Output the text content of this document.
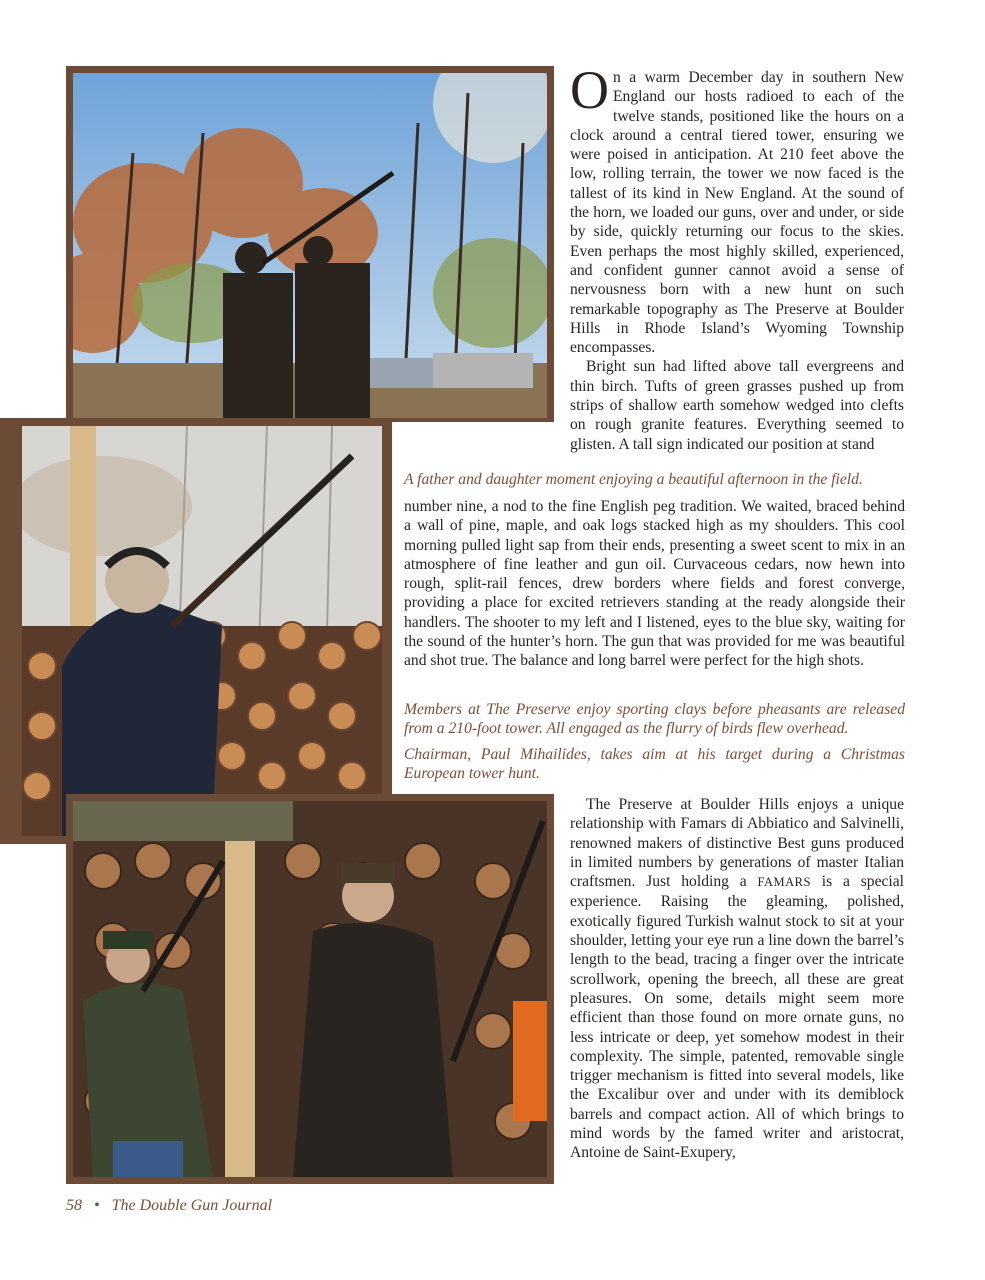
On a warm December day in southern New England our hosts radioed to each of the twelve stands, positioned like the hours on a clock around a central tiered tower, ensuring we were poised in anticipation. At 210 feet above the low, rolling terrain, the tower we now faced is the tallest of its kind in New England. At the sound of the horn, we loaded our guns, over and under, or side by side, quickly returning our focus to the skies. Even perhaps the most highly skilled, experienced, and confident gunner cannot avoid a sense of nervousness born with a new hunt on such remarkable topography as The Preserve at Boulder Hills in Rhode Island’s Wyoming Township encompasses.

Bright sun had lifted above tall evergreens and thin birch. Tufts of green grasses pushed up from strips of shallow earth somehow wedged into clefts on rough granite features. Everything seemed to glisten. A tall sign indicated our position at stand

A father and daughter moment enjoying a beautiful afternoon in the field.

number nine, a nod to the fine English peg tradition. We waited, braced behind a wall of pine, maple, and oak logs stacked high as my shoulders. This cool morning pulled light sap from their ends, presenting a sweet scent to mix in an atmosphere of fine leather and gun oil. Curvaceous cedars, now hewn into rough, split-rail fences, drew borders where fields and forest converge, providing a place for excited retrievers standing at the ready alongside their handlers. The shooter to my left and I listened, eyes to the blue sky, waiting for the sound of the hunter’s horn. The gun that was provided for me was beautiful and shot true. The balance and long barrel were perfect for the high shots.

Members at The Preserve enjoy sporting clays before pheasants are released from a 210-foot tower. All engaged as the flurry of birds flew overhead.
Chairman, Paul Mihailides, takes aim at his target during a Christmas European tower hunt.

The Preserve at Boulder Hills enjoys a unique relationship with Famars di Abbiatico and Salvinelli, renowned makers of distinctive Best guns produced in limited numbers by generations of master Italian craftsmen. Just holding a FAMARS is a special experience. Raising the gleaming, polished, exotically figured Turkish walnut stock to sit at your shoulder, letting your eye run a line down the barrel’s length to the bead, tracing a finger over the intricate scrollwork, opening the breech, all these are great pleasures. On some, details might seem more efficient than those found on more ornate guns, no less intricate or deep, yet somehow modest in their complexity. The simple, patented, removable single trigger mechanism is fitted into several models, like the Excalibur over and under with its demiblock barrels and compact action. All of which brings to mind words by the famed writer and aristocrat, Antoine de Saint-Exupery,

58 • The Double Gun Journal
